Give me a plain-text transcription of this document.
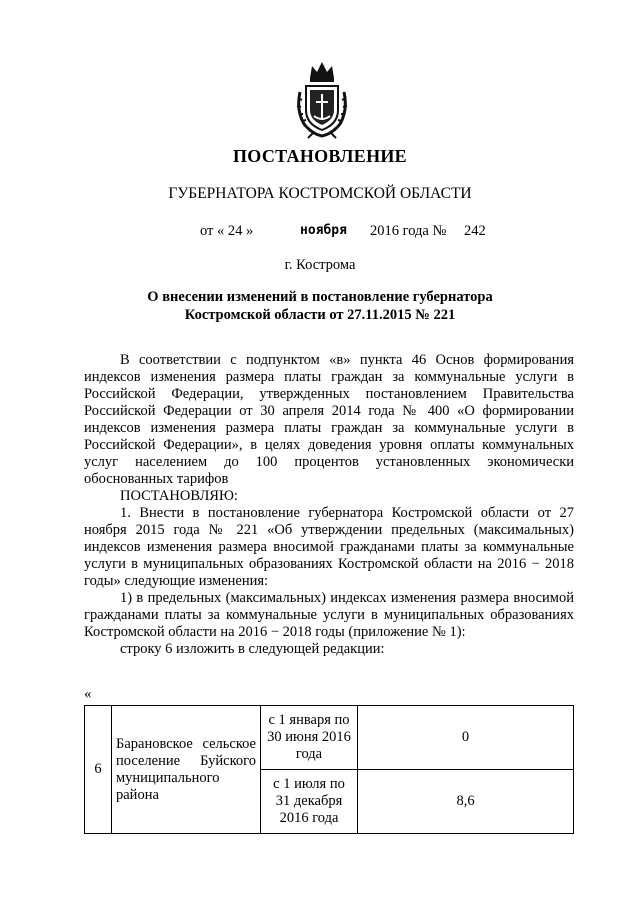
ПОСТАНОВЛЕНИЕ
ГУБЕРНАТОРА КОСТРОМСКОЙ ОБЛАСТИ
от « 24 »	ноября 2016 года № 242
г. Кострома
О внесении изменений в постановление губернатора
Костромской области от 27.11.2015 № 221

В соответствии с подпунктом «в» пункта 46 Основ формирования индексов изменения размера платы граждан за коммунальные услуги в Российской Федерации, утвержденных постановлением Правительства Российской Федерации от 30 апреля 2014 года № 400 «О формировании индексов изменения размера платы граждан за коммунальные услуги в Российской Федерации», в целях доведения уровня оплаты коммунальных услуг населением до 100 процентов установленных экономически обоснованных тарифов

ПОСТАНОВЛЯЮ:

1. Внести в постановление губернатора Костромской области от 27 ноября 2015 года № 221 «Об утверждении предельных (максимальных) индексов изменения размера вносимой гражданами платы за коммунальные услуги в муниципальных образованиях Костромской области на 2016 − 2018 годы» следующие изменения:

1) в предельных (максимальных) индексах изменения размера вносимой гражданами платы за коммунальные услуги в муниципальных образованиях Костромской области на 2016 − 2018 годы (приложение № 1):

строку 6 изложить в следующей редакции:

«
6	Барановское сельское поселение Буйского муниципального района	с 1 января по 30 июня 2016 года	0
		с 1 июля по 31 декабря 2016 года	8,6
